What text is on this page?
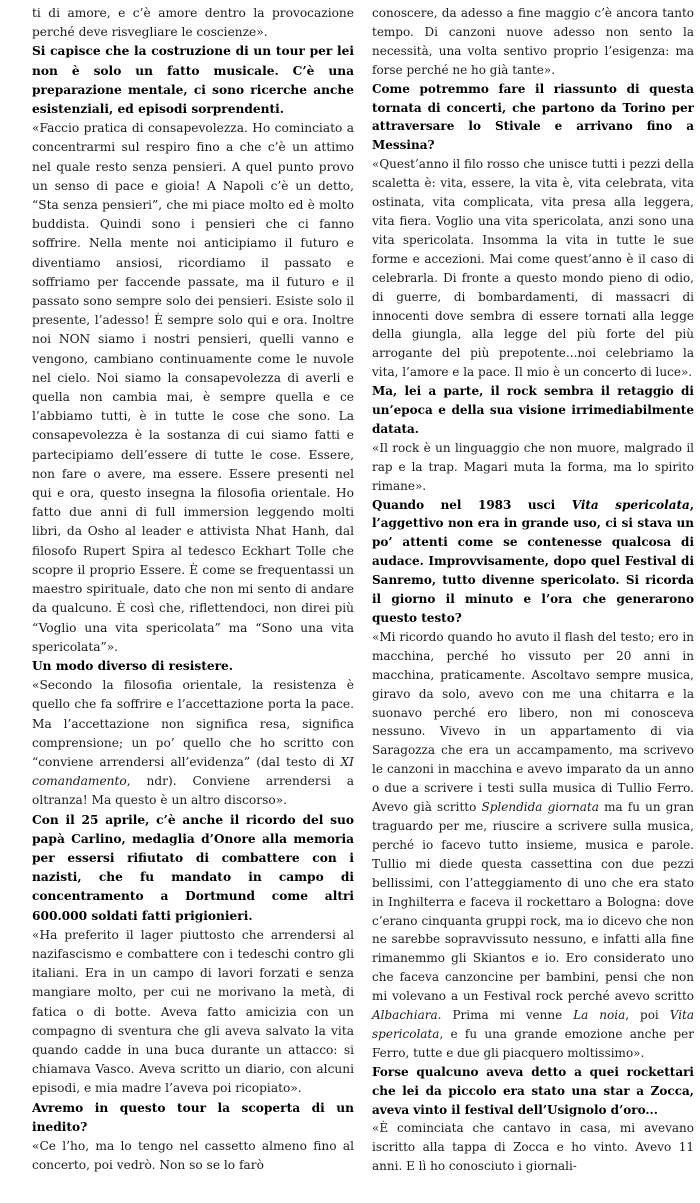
ti di amore, e c’è amore dentro la provocazione perché deve risvegliare le coscienze».

Si capisce che la costruzione di un tour per lei non è solo un fatto musicale. C’è una preparazione mentale, ci sono ricerche anche esistenziali, ed episodi sorprendenti.

«Faccio pratica di consapevolezza. Ho cominciato a concentrarmi sul respiro fino a che c’è un attimo nel quale resto senza pensieri. A quel punto provo un senso di pace e gioia! A Napoli c’è un detto, “Sta senza pensieri”, che mi piace molto ed è molto buddista. Quindi sono i pensieri che ci fanno soffrire. Nella mente noi anticipiamo il futuro e diventiamo ansiosi, ricordiamo il passato e soffriamo per faccende passate, ma il futuro e il passato sono sempre solo dei pensieri. Esiste solo il presente, l’adesso! È sempre solo qui e ora. Inoltre noi NON siamo i nostri pensieri, quelli vanno e vengono, cambiano continuamente come le nuvole nel cielo. Noi siamo la consapevolezza di averli e quella non cambia mai, è sempre quella e ce l’abbiamo tutti, è in tutte le cose che sono. La consapevolezza è la sostanza di cui siamo fatti e partecipiamo dell’essere di tutte le cose. Essere, non fare o avere, ma essere. Essere presenti nel qui e ora, questo insegna la filosofia orientale. Ho fatto due anni di full immersion leggendo molti libri, da Osho al leader e attivista Nhat Hanh, dal filosofo Rupert Spira al tedesco Eckhart Tolle che scopre il proprio Essere. È come se frequentassi un maestro spirituale, dato che non mi sento di andare da qualcuno. È così che, riflettendoci, non direi più “Voglio una vita spericolata” ma “Sono una vita spericolata”».

Un modo diverso di resistere.

«Secondo la filosofia orientale, la resistenza è quello che fa soffrire e l’accettazione porta la pace. Ma l’accettazione non significa resa, significa comprensione; un po’ quello che ho scritto con “conviene arrendersi all’evidenza” (dal testo di XI comandamento, ndr). Conviene arrendersi a oltranza! Ma questo è un altro discorso».

Con il 25 aprile, c’è anche il ricordo del suo papà Carlino, medaglia d’Onore alla memoria per essersi rifiutato di combattere con i nazisti, che fu mandato in campo di concentramento a Dortmund come altri 600.000 soldati fatti prigionieri.

«Ha preferito il lager piuttosto che arrendersi al nazifascismo e combattere con i tedeschi contro gli italiani. Era in un campo di lavori forzati e senza mangiare molto, per cui ne morivano la metà, di fatica o di botte. Aveva fatto amicizia con un compagno di sventura che gli aveva salvato la vita quando cadde in una buca durante un attacco: si chiamava Vasco. Aveva scritto un diario, con alcuni episodi, e mia madre l’aveva poi ricopiato».

Avremo in questo tour la scoperta di un inedito?

«Ce l’ho, ma lo tengo nel cassetto almeno fino al concerto, poi vedrò. Non so se lo farò

conoscere, da adesso a fine maggio c’è ancora tanto tempo. Di canzoni nuove adesso non sento la necessità, una volta sentivo proprio l’esigenza: ma forse perché ne ho già tante».

Come potremmo fare il riassunto di questa tornata di concerti, che partono da Torino per attraversare lo Stivale e arrivano fino a Messina?

«Quest’anno il filo rosso che unisce tutti i pezzi della scaletta è: vita, essere, la vita è, vita celebrata, vita ostinata, vita complicata, vita presa alla leggera, vita fiera. Voglio una vita spericolata, anzi sono una vita spericolata. Insomma la vita in tutte le sue forme e accezioni. Mai come quest’anno è il caso di celebrarla. Di fronte a questo mondo pieno di odio, di guerre, di bombardamenti, di massacri di innocenti dove sembra di essere tornati alla legge della giungla, alla legge del più forte del più arrogante del più prepotente...noi celebriamo la vita, l’amore e la pace. Il mio è un concerto di luce».

Ma, lei a parte, il rock sembra il retaggio di un’epoca e della sua visione irrimediabilmente datata.

«Il rock è un linguaggio che non muore, malgrado il rap e la trap. Magari muta la forma, ma lo spirito rimane».

Quando nel 1983 usci Vita spericolata, l’aggettivo non era in grande uso, ci si stava un po’ attenti come se contenesse qualcosa di audace. Improvvisamente, dopo quel Festival di Sanremo, tutto divenne spericolato. Si ricorda il giorno il minuto e l’ora che generarono questo testo?

«Mi ricordo quando ho avuto il flash del testo; ero in macchina, perché ho vissuto per 20 anni in macchina, praticamente. Ascoltavo sempre musica, giravo da solo, avevo con me una chitarra e la suonavo perché ero libero, non mi conosceva nessuno. Vivevo in un appartamento di via Saragozza che era un accampamento, ma scrivevo le canzoni in macchina e avevo imparato da un anno o due a scrivere i testi sulla musica di Tullio Ferro. Avevo già scritto Splendida giornata ma fu un gran traguardo per me, riuscire a scrivere sulla musica, perché io facevo tutto insieme, musica e parole. Tullio mi diede questa cassettina con due pezzi bellissimi, con l’atteggiamento di uno che era stato in Inghilterra e faceva il rockettaro a Bologna: dove c’erano cinquanta gruppi rock, ma io dicevo che non ne sarebbe sopravvissuto nessuno, e infatti alla fine rimanemmo gli Skiantos e io. Ero considerato uno che faceva canzoncine per bambini, pensi che non mi volevano a un Festival rock perché avevo scritto Albachiara. Prima mi venne La noia, poi Vita spericolata, e fu una grande emozione anche per Ferro, tutte e due gli piacquero moltissimo».

Forse qualcuno aveva detto a quei rockettari che lei da piccolo era stato una star a Zocca, aveva vinto il festival dell’Usignolo d’oro...

«È cominciata che cantavo in casa, mi avevano iscritto alla tappa di Zocca e ho vinto. Avevo 11 anni. E lì ho conosciuto i giornali-
